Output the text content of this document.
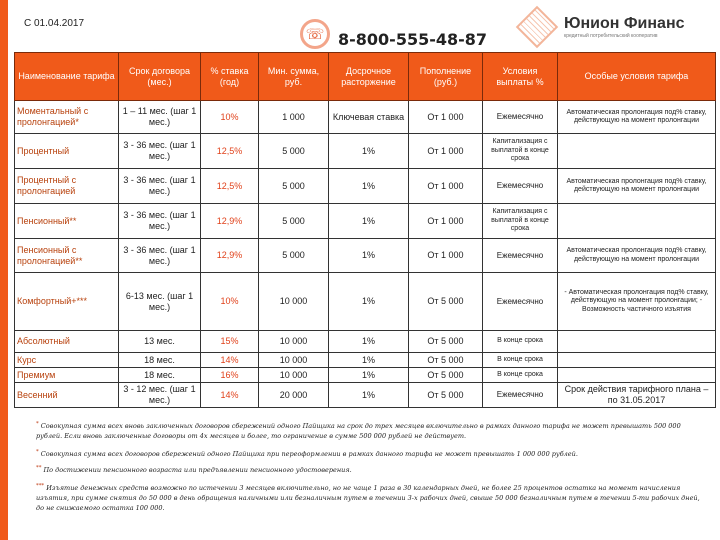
С 01.04.2017
☏ 8-800-555-48-87
Юнион Финанс
кредитный потребительский кооператив
Наименование тарифа	Срок договора (мес.)	% ставка (год)	Мин. сумма, руб.	Досрочное расторжение	Пополнение (руб.)	Условия выплаты %	Особые условия тарифа
Моментальный с пролонгацией*	1 – 11 мес. (шаг 1 мес.)	10%	1 000	Ключевая ставка	От 1 000	Ежемесячно	Автоматическая пролонгация под% ставку, действующую на момент пролонгации
Процентный	3 - 36 мес. (шаг 1 мес.)	12,5%	5 000	1%	От 1 000	Капитализация с выплатой в конце срока	
Процентный с пролонгацией	3 - 36 мес. (шаг 1 мес.)	12,5%	5 000	1%	От 1 000	Ежемесячно	Автоматическая пролонгация под% ставку, действующую на момент пролонгации
Пенсионный**	3 - 36 мес. (шаг 1 мес.)	12,9%	5 000	1%	От 1 000	Капитализация с выплатой в конце срока	
Пенсионный с пролонгацией**	3 - 36 мес. (шаг 1 мес.)	12,9%	5 000	1%	От 1 000	Ежемесячно	Автоматическая пролонгация под% ставку, действующую на момент пролонгации
Комфортный+***	6-13 мес. (шаг 1 мес.)	10%	10 000	1%	От 5 000	Ежемесячно	- Автоматическая пролонгация под% ставку, действующую на момент пролонгации; - Возможность частичного изъятия
Абсолютный	13 мес.	15%	10 000	1%	От 5 000	В конце срока	
Курс	18 мес.	14%	10 000	1%	От 5 000	В конце срока	
Премиум	18 мес.	16%	10 000	1%	От 5 000	В конце срока	
Весенний	3 - 12 мес. (шаг 1 мес.)	14%	20 000	1%	От 5 000	Ежемесячно	Срок действия тарифного плана – по 31.05.2017
* Совокупная сумма всех вновь заключенных договоров сбережений одного Пайщика на срок до трех месяцев включительно в рамках данного тарифа не может превышать 500 000 рублей. Если вновь заключенные договоры от 4х месяцев и более, то ограничение в сумме 500 000 рублей не действует.
* Совокупная сумма всех договоров сбережений одного Пайщика при переоформлении в рамках данного тарифа не может превышать 1 000 000 рублей.
** По достижении пенсионного возраста или предъявлении пенсионного удостоверения.
*** Изъятие денежных средств возможно по истечении 3 месяцев включительно, но не чаще 1 раза в 30 календарных дней, не более 25 процентов остатка на момент начисления изъятия, при сумме снятия до 50 000 в день обращения наличными или безналичным путем в течении 3-х рабочих дней, свыше 50 000 безналичным путем в течении 5-ти рабочих дней, до не снижаемого остатка 100 000.
